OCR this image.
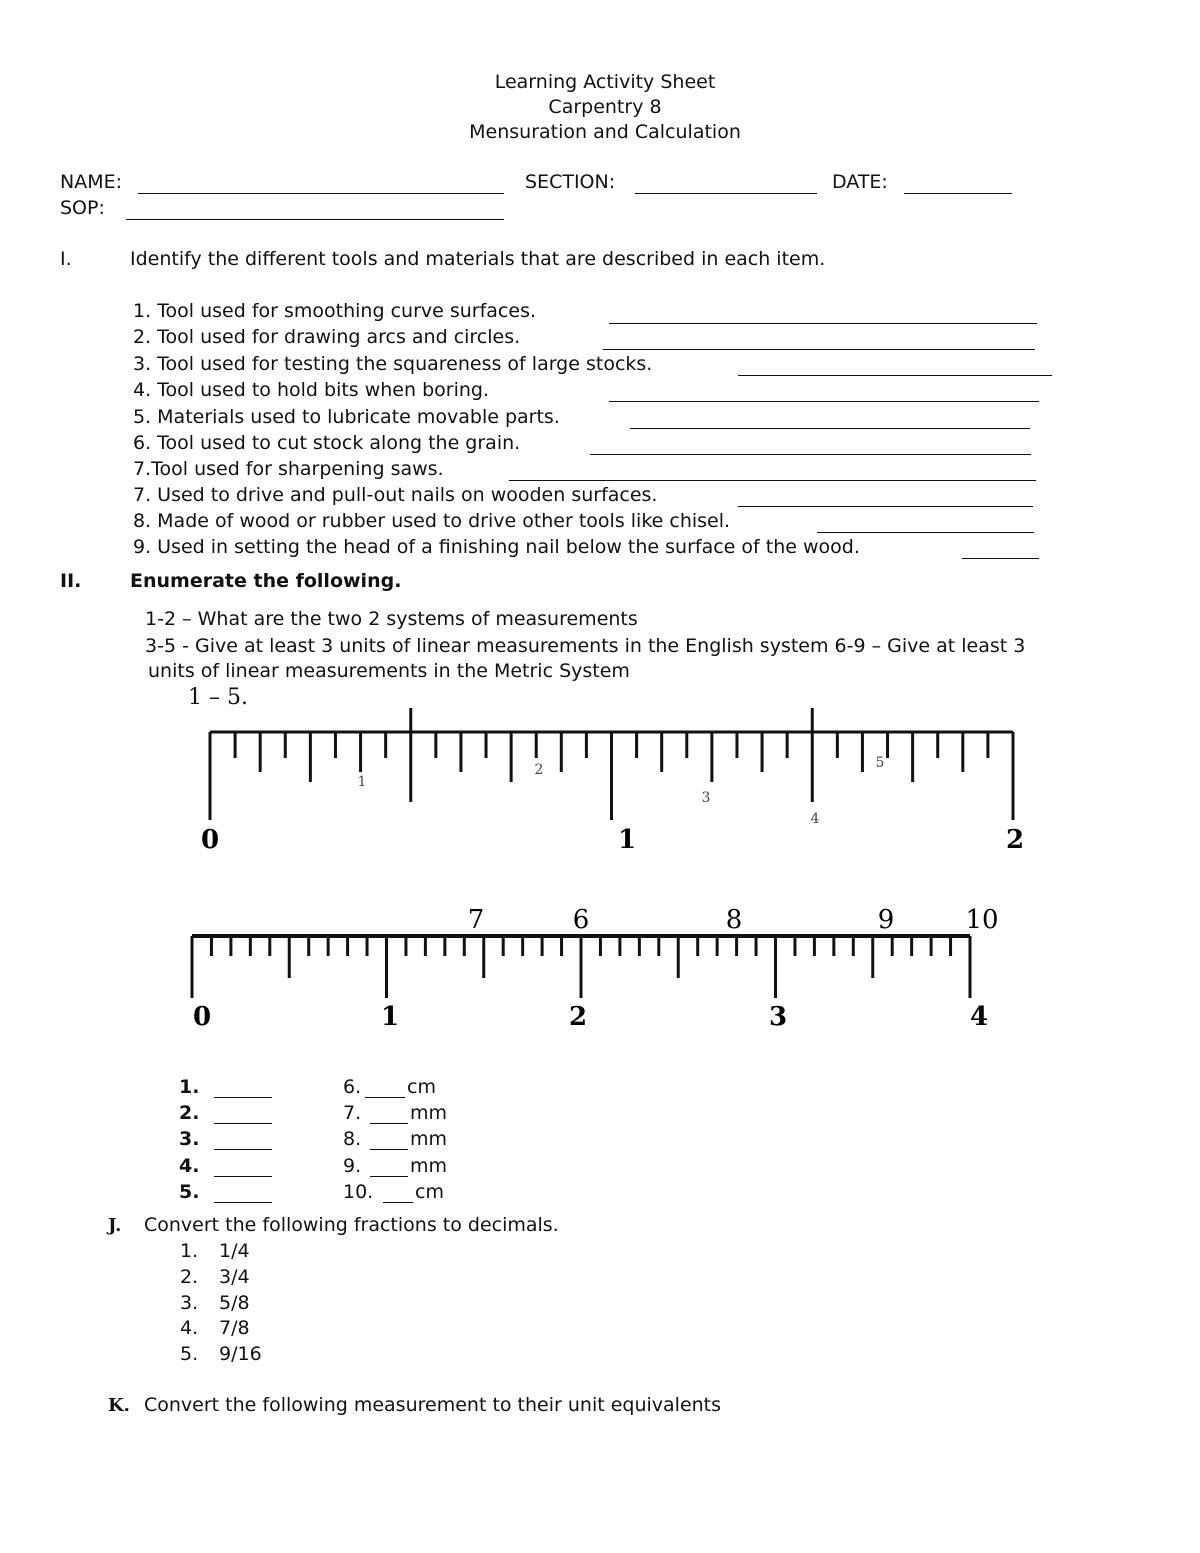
Learning Activity Sheet
Carpentry 8
Mensuration and Calculation
NAME:	SECTION:	DATE:
SOP:
I.	Identify the different tools and materials that are described in each item.
1. Tool used for smoothing curve surfaces.
2. Tool used for drawing arcs and circles.
3. Tool used for testing the squareness of large stocks.
4. Tool used to hold bits when boring.
5. Materials used to lubricate movable parts.
6. Tool used to cut stock along the grain.
7.Tool used for sharpening saws.
7. Used to drive and pull-out nails on wooden surfaces.
8. Made of wood or rubber used to drive other tools like chisel.
9. Used in setting the head of a finishing nail below the surface of the wood.
II.	Enumerate the following.
1-2 – What are the two 2 systems of measurements
3-5 - Give at least 3 units of linear measurements in the English system 6-9 – Give at least 3
units of linear measurements in the Metric System
1 – 5.
0	1	2
1
2
3
4
5
0	1	2	3	4
7	6	8	9	10
1.
2.
3.
4.
5.
6. cm
7.	mm
8.	mm
9.	mm
10. cm
J. Convert the following fractions to decimals.
1. 1/4
2. 3/4
3. 5/8
4. 7/8
5. 9/16
K. Convert the following measurement to their unit equivalents
